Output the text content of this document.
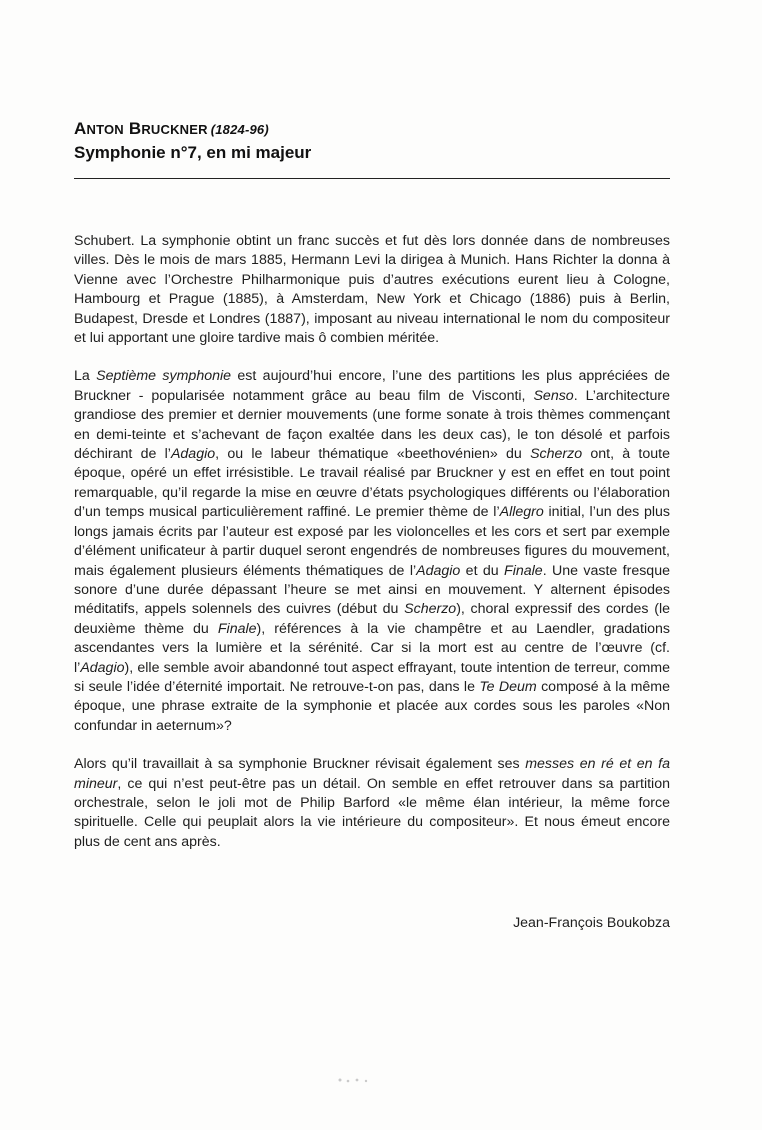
ANTON BRUCKNER (1824-96)
Symphonie n°7, en mi majeur

Schubert. La symphonie obtint un franc succès et fut dès lors donnée dans de nombreuses villes. Dès le mois de mars 1885, Hermann Levi la dirigea à Munich. Hans Richter la donna à Vienne avec l’Orchestre Philharmonique puis d’autres exécutions eurent lieu à Cologne, Hambourg et Prague (1885), à Amsterdam, New York et Chicago (1886) puis à Berlin, Budapest, Dresde et Londres (1887), imposant au niveau international le nom du compositeur et lui apportant une gloire tardive mais ô combien méritée.

La Septième symphonie est aujourd’hui encore, l’une des partitions les plus appréciées de Bruckner - popularisée notamment grâce au beau film de Visconti, Senso. L’architecture grandiose des premier et dernier mouvements (une forme sonate à trois thèmes commençant en demi-teinte et s’achevant de façon exaltée dans les deux cas), le ton désolé et parfois déchirant de l’Adagio, ou le labeur thématique «beethovénien» du Scherzo ont, à toute époque, opéré un effet irrésistible. Le travail réalisé par Bruckner y est en effet en tout point remarquable, qu’il regarde la mise en œuvre d’états psychologiques différents ou l’élaboration d’un temps musical particulièrement raffiné. Le premier thème de l’Allegro initial, l’un des plus longs jamais écrits par l’auteur est exposé par les violoncelles et les cors et sert par exemple d’élément unificateur à partir duquel seront engendrés de nombreuses figures du mouvement, mais également plusieurs éléments thématiques de l’Adagio et du Finale. Une vaste fresque sonore d’une durée dépassant l’heure se met ainsi en mouvement. Y alternent épisodes méditatifs, appels solennels des cuivres (début du Scherzo), choral expressif des cordes (le deuxième thème du Finale), références à la vie champêtre et au Laendler, gradations ascendantes vers la lumière et la sérénité. Car si la mort est au centre de l’œuvre (cf. l’Adagio), elle semble avoir abandonné tout aspect effrayant, toute intention de terreur, comme si seule l’idée d’éternité importait. Ne retrouve-t-on pas, dans le Te Deum composé à la même époque, une phrase extraite de la symphonie et placée aux cordes sous les paroles «Non confundar in aeternum»?

Alors qu’il travaillait à sa symphonie Bruckner révisait également ses messes en ré et en fa mineur, ce qui n’est peut-être pas un détail. On semble en effet retrouver dans sa partition orchestrale, selon le joli mot de Philip Barford «le même élan intérieur, la même force spirituelle. Celle qui peuplait alors la vie intérieure du compositeur». Et nous émeut encore plus de cent ans après.

Jean-François Boukobza
